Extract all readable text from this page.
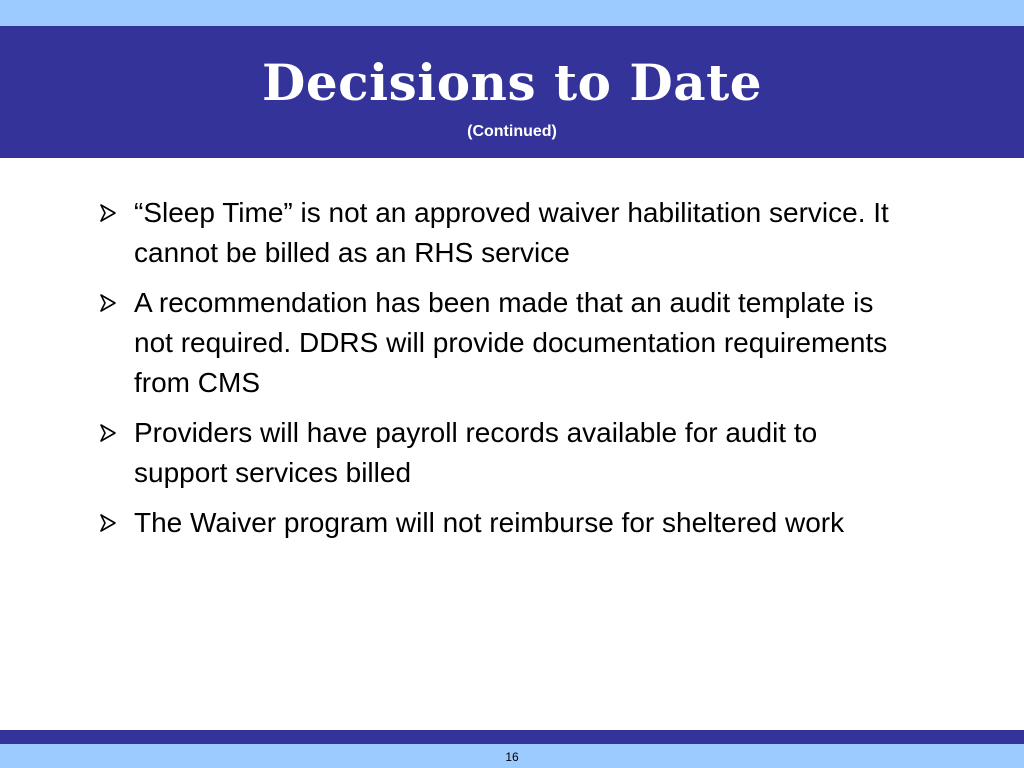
Decisions to Date
(Continued)
“Sleep Time” is not an approved waiver habilitation service. It cannot be billed as an RHS service
A recommendation has been made that an audit template is not required. DDRS will provide documentation requirements from CMS
Providers will have payroll records available for audit to support services billed
The Waiver program will not reimburse for sheltered work
16
